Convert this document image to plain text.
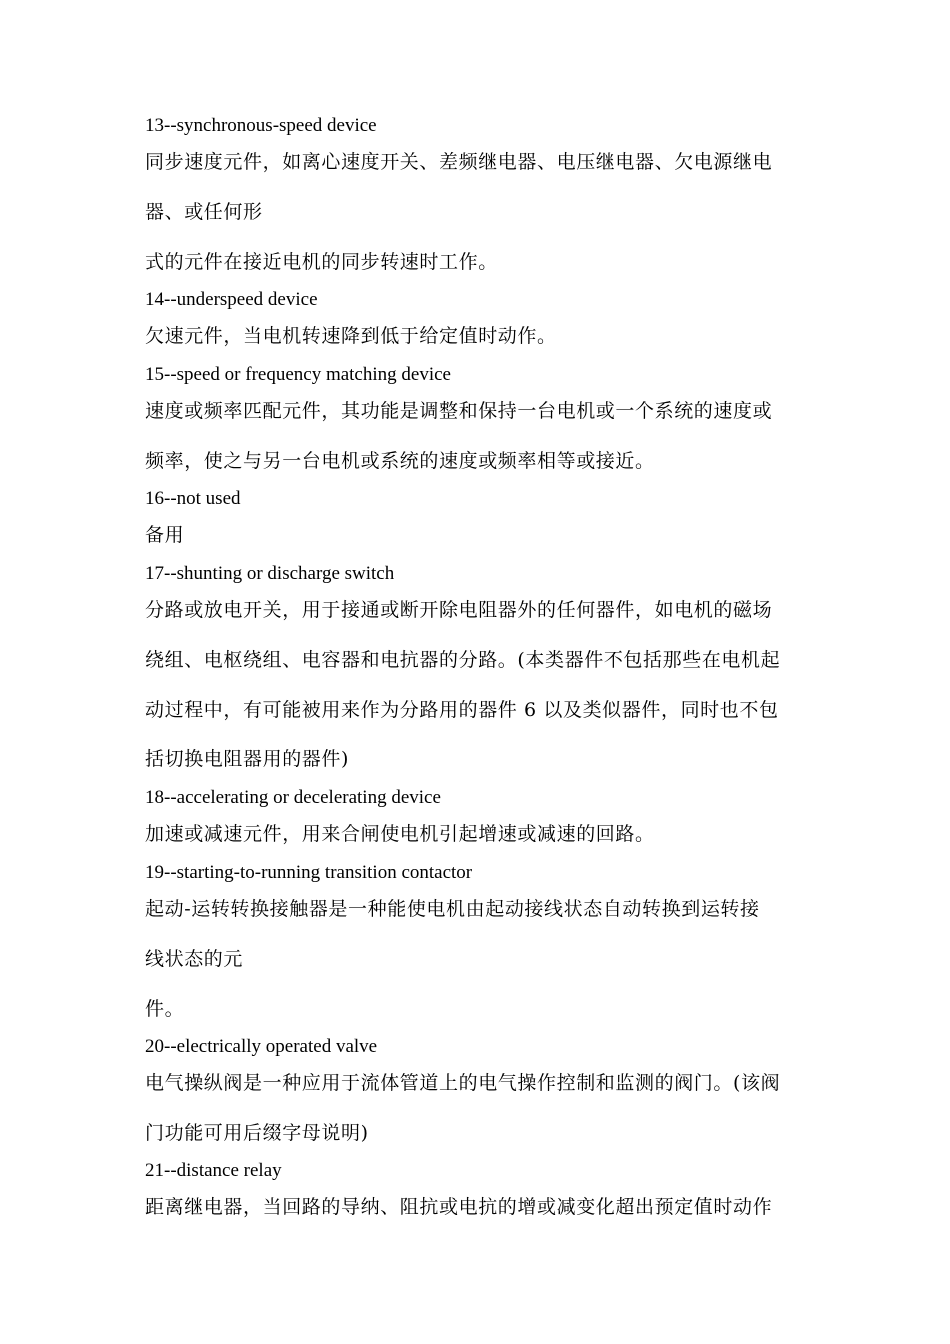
13--synchronous-speed device
同步速度元件，如离心速度开关、差频继电器、电压继电器、欠电源继电
器、或任何形
式的元件在接近电机的同步转速时工作。
14--underspeed device
欠速元件，当电机转速降到低于给定值时动作。
15--speed or frequency matching device
速度或频率匹配元件，其功能是调整和保持一台电机或一个系统的速度或
频率，使之与另一台电机或系统的速度或频率相等或接近。
16--not used
备用
17--shunting or discharge switch
分路或放电开关，用于接通或断开除电阻器外的任何器件，如电机的磁场
绕组、电枢绕组、电容器和电抗器的分路。(本类器件不包括那些在电机起
动过程中，有可能被用来作为分路用的器件 6 以及类似器件，同时也不包
括切换电阻器用的器件)
18--accelerating or decelerating device
加速或减速元件，用来合闸使电机引起增速或减速的回路。
19--starting-to-running transition contactor
起动-运转转换接触器是一种能使电机由起动接线状态自动转换到运转接
线状态的元
件。
20--electrically operated valve
电气操纵阀是一种应用于流体管道上的电气操作控制和监测的阀门。(该阀
门功能可用后缀字母说明)
21--distance relay
距离继电器，当回路的导纳、阻抗或电抗的增或减变化超出预定值时动作
